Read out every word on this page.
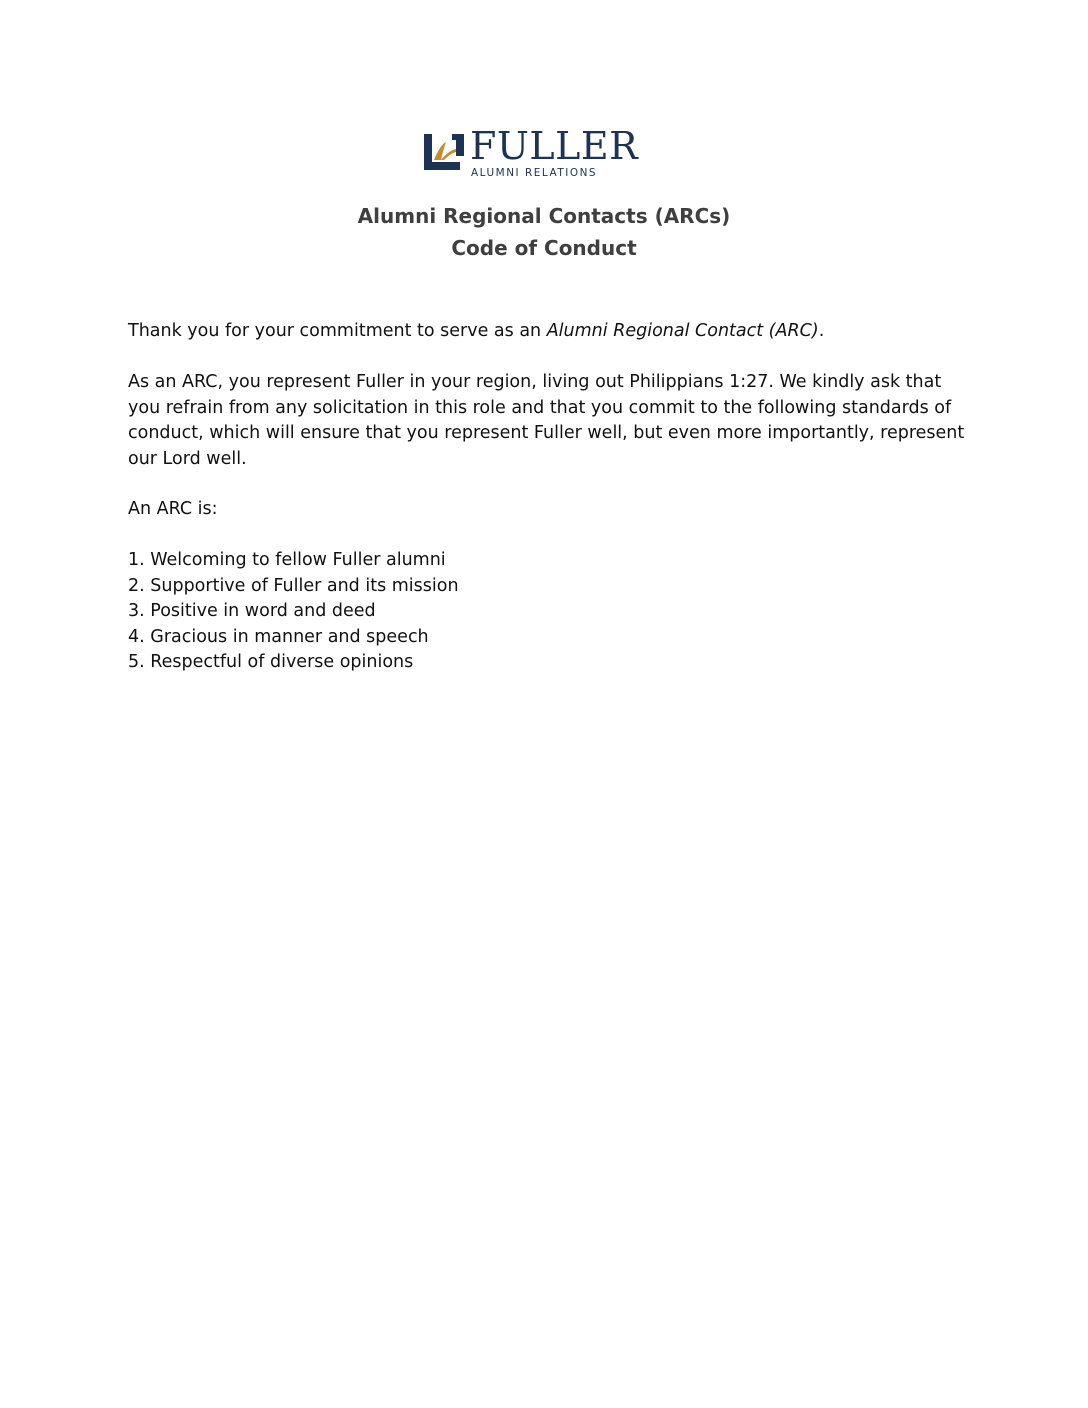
FULLER
ALUMNI RELATIONS
Alumni Regional Contacts (ARCs)
Code of Conduct
Thank you for your commitment to serve as an Alumni Regional Contact (ARC).
As an ARC, you represent Fuller in your region, living out Philippians 1:27. We kindly ask that you refrain from any solicitation in this role and that you commit to the following standards of conduct, which will ensure that you represent Fuller well, but even more importantly, represent our Lord well.
An ARC is:
1. Welcoming to fellow Fuller alumni
2. Supportive of Fuller and its mission
3. Positive in word and deed
4. Gracious in manner and speech
5. Respectful of diverse opinions
